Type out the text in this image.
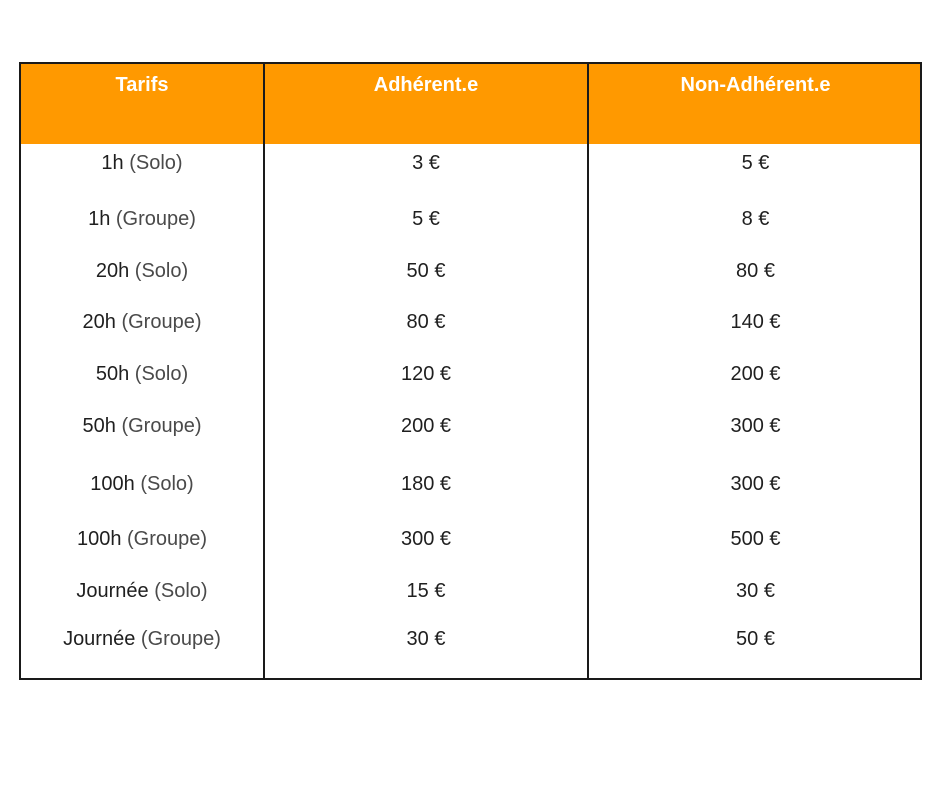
Tarifs	Adhérent.e	Non-Adhérent.e
1h (Solo)	3 €	5 €
1h (Groupe)	5 €	8 €
20h (Solo)	50 €	80 €
20h (Groupe)	80 €	140 €
50h (Solo)	120 €	200 €
50h (Groupe)	200 €	300 €
100h (Solo)	180 €	300 €
100h (Groupe)	300 €	500 €
Journée (Solo)	15 €	30 €
Journée (Groupe)	30 €	50 €
